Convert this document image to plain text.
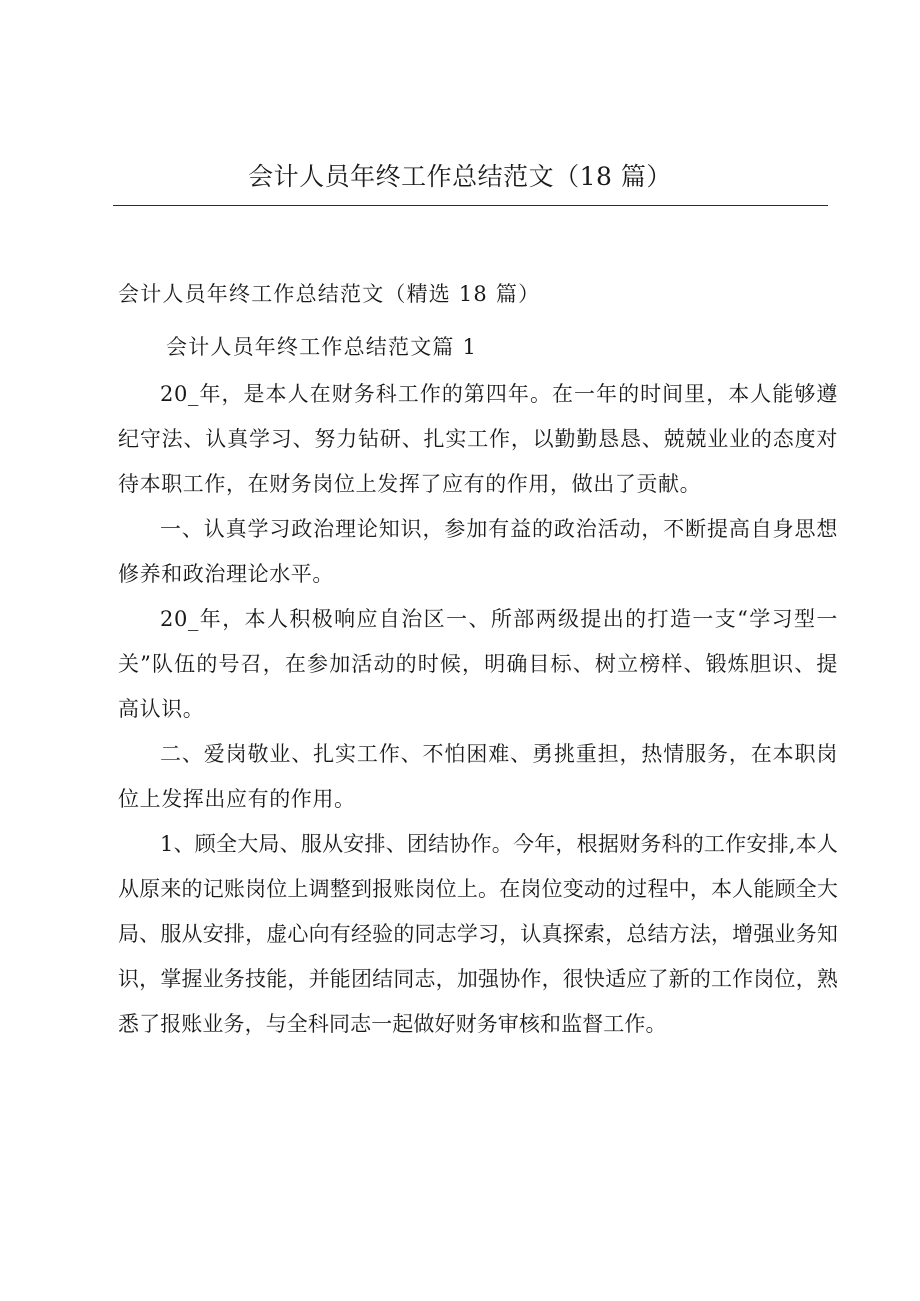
会计人员年终工作总结范文（18 篇）

会计人员年终工作总结范文（精选 18 篇）

会计人员年终工作总结范文篇 1

20_年，是本人在财务科工作的第四年。在一年的时间里，本人能够遵纪守法、认真学习、努力钻研、扎实工作，以勤勤恳恳、兢兢业业的态度对待本职工作，在财务岗位上发挥了应有的作用，做出了贡献。

一、认真学习政治理论知识，参加有益的政治活动，不断提高自身思想修养和政治理论水平。

20_年，本人积极响应自治区一、所部两级提出的打造一支“学习型一关”队伍的号召，在参加活动的时候，明确目标、树立榜样、锻炼胆识、提高认识。

二、爱岗敬业、扎实工作、不怕困难、勇挑重担，热情服务，在本职岗位上发挥出应有的作用。

1、顾全大局、服从安排、团结协作。今年，根据财务科的工作安排,本人从原来的记账岗位上调整到报账岗位上。在岗位变动的过程中，本人能顾全大局、服从安排，虚心向有经验的同志学习，认真探索，总结方法，增强业务知识，掌握业务技能，并能团结同志，加强协作，很快适应了新的工作岗位，熟悉了报账业务，与全科同志一起做好财务审核和监督工作。
